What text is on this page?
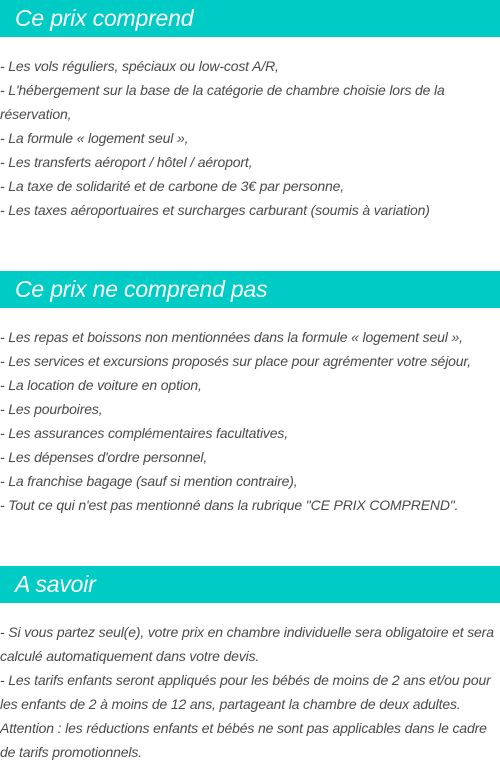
Ce prix comprend
- Les vols réguliers, spéciaux ou low-cost A/R,
- L'hébergement sur la base de la catégorie de chambre choisie lors de la réservation,
- La formule « logement seul »,
- Les transferts aéroport / hôtel / aéroport,
- La taxe de solidarité et de carbone de 3€ par personne,
- Les taxes aéroportuaires et surcharges carburant (soumis à variation)
Ce prix ne comprend pas
- Les repas et boissons non mentionnées dans la formule « logement seul »,
- Les services et excursions proposés sur place pour agrémenter votre séjour,
- La location de voiture en option,
- Les pourboires,
- Les assurances complémentaires facultatives,
- Les dépenses d'ordre personnel,
- La franchise bagage (sauf si mention contraire),
- Tout ce qui n'est pas mentionné dans la rubrique "CE PRIX COMPREND".
A savoir
- Si vous partez seul(e), votre prix en chambre individuelle sera obligatoire et sera calculé automatiquement dans votre devis.
- Les tarifs enfants seront appliqués pour les bébés de moins de 2 ans et/ou pour les enfants de 2 à moins de 12 ans, partageant la chambre de deux adultes.
Attention : les réductions enfants et bébés ne sont pas applicables dans le cadre de tarifs promotionnels.
